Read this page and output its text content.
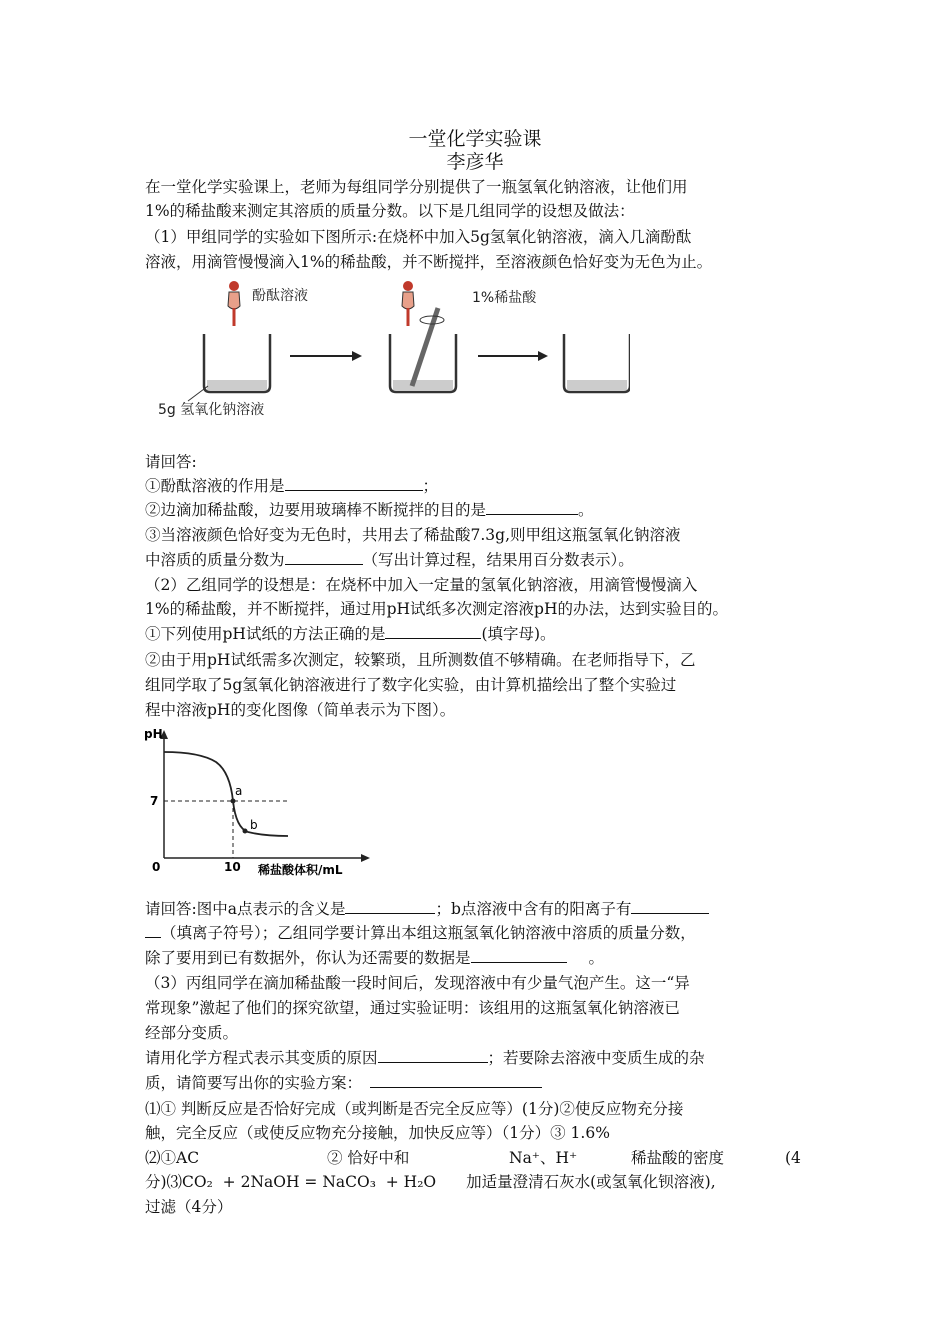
一堂化学实验课
李彦华
在一堂化学实验课上，老师为每组同学分别提供了一瓶氢氧化钠溶液，让他们用
1%的稀盐酸来测定其溶质的质量分数。以下是几组同学的设想及做法：
（1）甲组同学的实验如下图所示:在烧杯中加入5g氢氧化钠溶液，滴入几滴酚酞
溶液，用滴管慢慢滴入1%的稀盐酸，并不断搅拌，至溶液颜色恰好变为无色为止。
酚酞溶液
5g 氢氧化钠溶液
1%稀盐酸
请回答:
①酚酞溶液的作用是	；
②边滴加稀盐酸，边要用玻璃棒不断搅拌的目的是	。
③当溶液颜色恰好变为无色时，共用去了稀盐酸7.3g,则甲组这瓶氢氧化钠溶液
中溶质的质量分数为	（写出计算过程，结果用百分数表示）。
（2）乙组同学的设想是：在烧杯中加入一定量的氢氧化钠溶液，用滴管慢慢滴入
1%的稀盐酸，并不断搅拌，通过用pH试纸多次测定溶液pH的办法，达到实验目的。
①下列使用pH试纸的方法正确的是	(填字母)。
②由于用pH试纸需多次测定，较繁琐，且所测数值不够精确。在老师指导下，乙
组同学取了5g氢氧化钠溶液进行了数字化实验，由计算机描绘出了整个实验过
程中溶液pH的变化图像（简单表示为下图）。
pH
7
0	10 稀盐酸体积/mL
a
b
请回答:图中a点表示的含义是	；b点溶液中含有的阳离子有
（填离子符号）；乙组同学要计算出本组这瓶氢氧化钠溶液中溶质的质量分数，
除了要用到已有数据外，你认为还需要的数据是	。
（3）丙组同学在滴加稀盐酸一段时间后，发现溶液中有少量气泡产生。这一“异
常现象”激起了他们的探究欲望，通过实验证明：该组用的这瓶氢氧化钠溶液已
经部分变质。
请用化学方程式表示其变质的原因	；若要除去溶液中变质生成的杂
质，请简要写出你的实验方案：
⑴① 判断反应是否恰好完成（或判断是否完全反应等）(1分)②使反应物充分接
触，完全反应（或使反应物充分接触，加快反应等）（1分）③ 1.6%
⑵①AC	② 恰好中和	Na⁺、H⁺	稀盐酸的密度	(4
分)⑶CO₂  + 2NaOH = NaCO₃  + H₂O 加适量澄清石灰水(或氢氧化钡溶液),
过滤（4分）
